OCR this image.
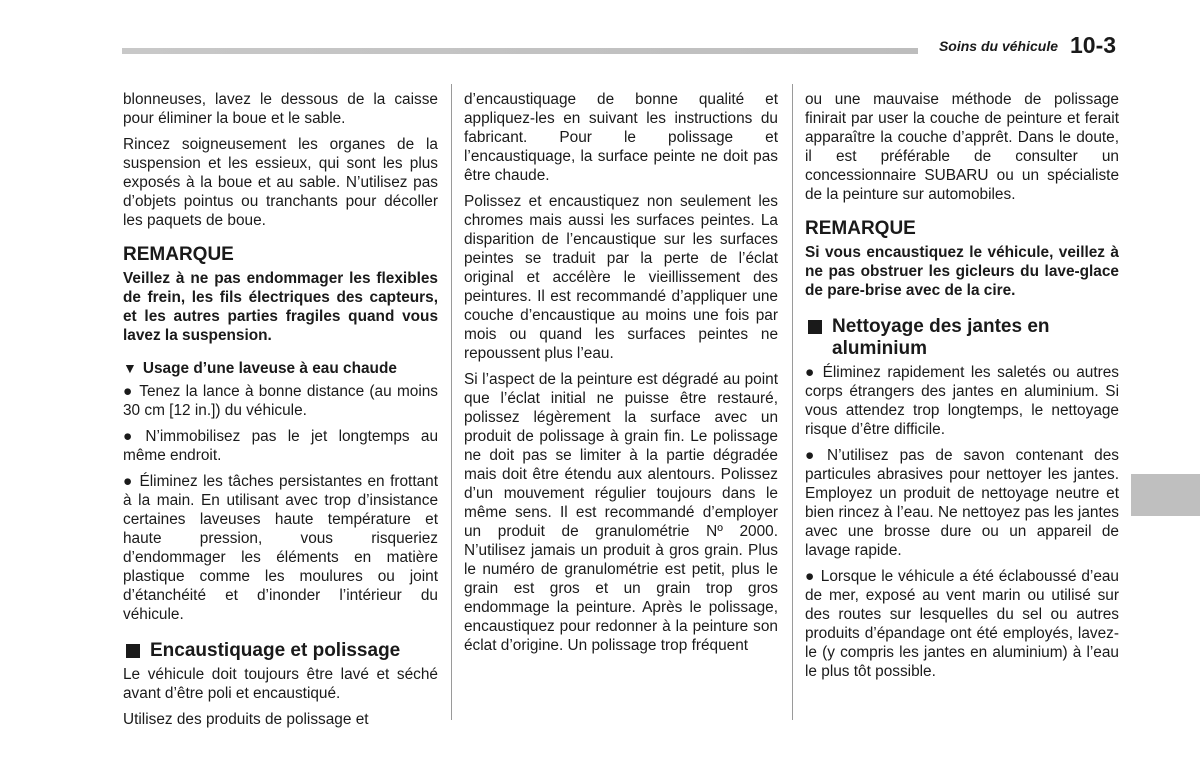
Soins du véhicule 10-3

blonneuses, lavez le dessous de la caisse pour éliminer la boue et le sable.

Rincez soigneusement les organes de la suspension et les essieux, qui sont les plus exposés à la boue et au sable. N’utilisez pas d’objets pointus ou tranchants pour décoller les paquets de boue.

REMARQUE

Veillez à ne pas endommager les flexibles de frein, les fils électriques des capteurs, et les autres parties fragiles quand vous lavez la suspension.

▼ Usage d’une laveuse à eau chaude

● Tenez la lance à bonne distance (au moins 30 cm [12 in.]) du véhicule.

● N’immobilisez pas le jet longtemps au même endroit.

● Éliminez les tâches persistantes en frottant à la main. En utilisant avec trop d’insistance certaines laveuses haute température et haute pression, vous risqueriez d’endommager les éléments en matière plastique comme les moulures ou joint d’étanchéité et d’inonder l’intérieur du véhicule.

Encaustiquage et polissage

Le véhicule doit toujours être lavé et séché avant d’être poli et encaustiqué.

Utilisez des produits de polissage et

d’encaustiquage de bonne qualité et appliquez-les en suivant les instructions du fabricant. Pour le polissage et l’encaustiquage, la surface peinte ne doit pas être chaude.

Polissez et encaustiquez non seulement les chromes mais aussi les surfaces peintes. La disparition de l’encaustique sur les surfaces peintes se traduit par la perte de l’éclat original et accélère le vieillissement des peintures. Il est recommandé d’appliquer une couche d’encaustique au moins une fois par mois ou quand les surfaces peintes ne repoussent plus l’eau.

Si l’aspect de la peinture est dégradé au point que l’éclat initial ne puisse être restauré, polissez légèrement la surface avec un produit de polissage à grain fin. Le polissage ne doit pas se limiter à la partie dégradée mais doit être étendu aux alentours. Polissez d’un mouvement régulier toujours dans le même sens. Il est recommandé d’employer un produit de granulométrie Nº 2000. N’utilisez jamais un produit à gros grain. Plus le numéro de granulométrie est petit, plus le grain est gros et un grain trop gros endommage la peinture. Après le polissage, encaustiquez pour redonner à la peinture son éclat d’origine. Un polissage trop fréquent

ou une mauvaise méthode de polissage finirait par user la couche de peinture et ferait apparaître la couche d’apprêt. Dans le doute, il est préférable de consulter un concessionnaire SUBARU ou un spécialiste de la peinture sur automobiles.

REMARQUE

Si vous encaustiquez le véhicule, veillez à ne pas obstruer les gicleurs du lave-glace de pare-brise avec de la cire.

Nettoyage des jantes en aluminium

● Éliminez rapidement les saletés ou autres corps étrangers des jantes en aluminium. Si vous attendez trop longtemps, le nettoyage risque d’être difficile.

● N’utilisez pas de savon contenant des particules abrasives pour nettoyer les jantes. Employez un produit de nettoyage neutre et bien rincez à l’eau. Ne nettoyez pas les jantes avec une brosse dure ou un appareil de lavage rapide.

● Lorsque le véhicule a été éclaboussé d’eau de mer, exposé au vent marin ou utilisé sur des routes sur lesquelles du sel ou autres produits d’épandage ont été employés, lavez-le (y compris les jantes en aluminium) à l’eau le plus tôt possible.
